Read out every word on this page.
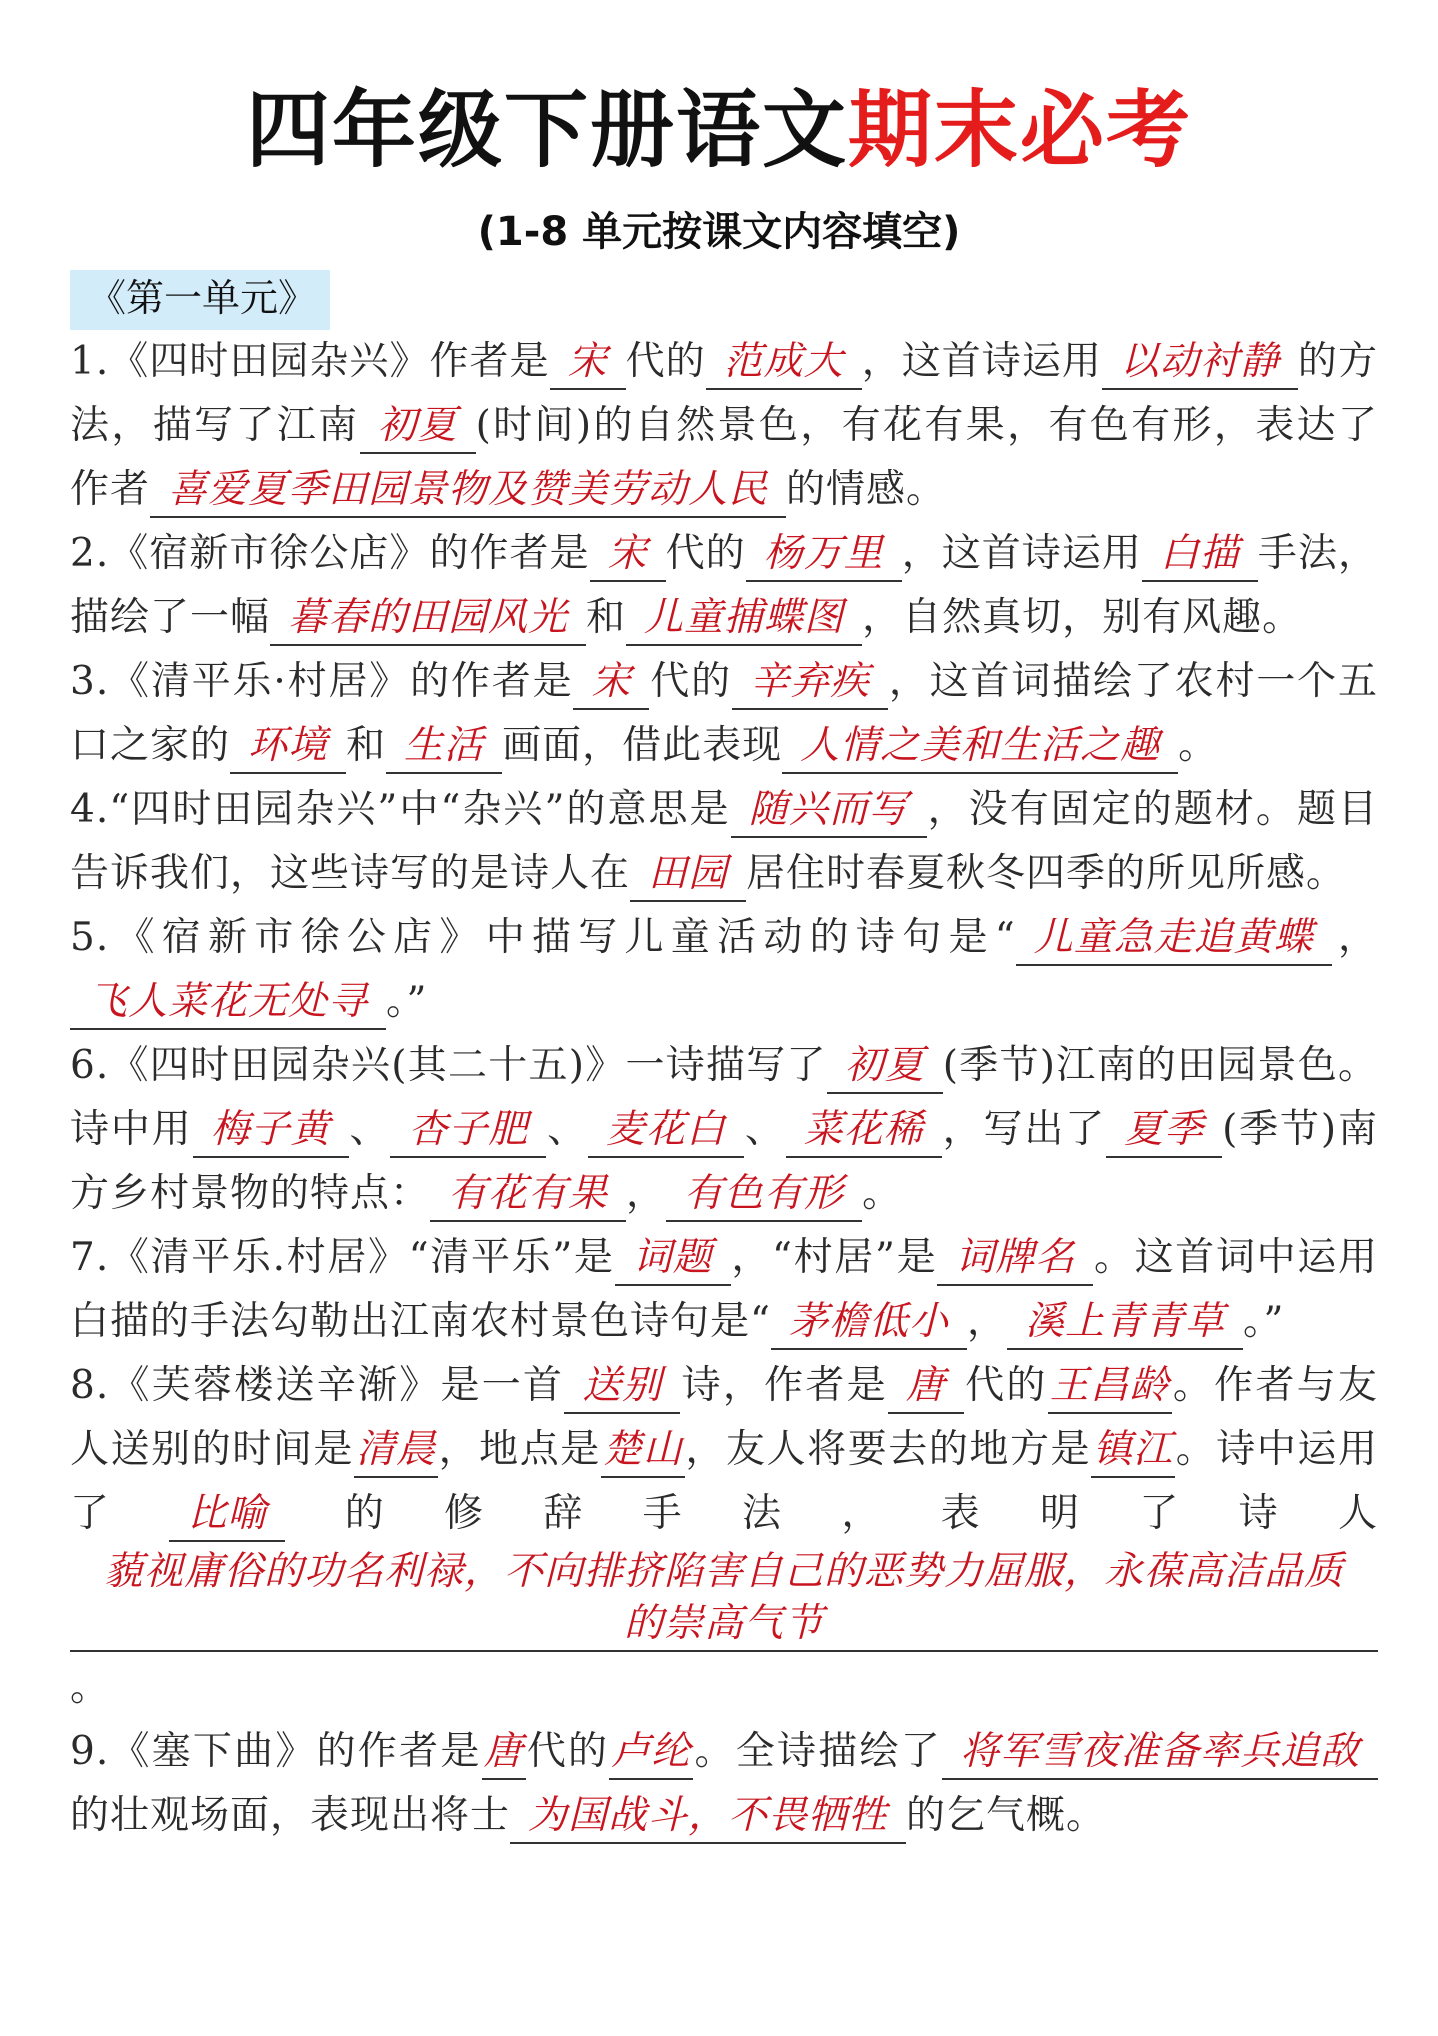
四年级下册语文期末必考
(1-8 单元按课文内容填空)
《第一单元》

1.《四时田园杂兴》作者是 宋 代的 范成大 ，这首诗运用 以动衬静 的方法，描写了江南 初夏 (时间)的自然景色，有花有果，有色有形，表达了作者 喜爱夏季田园景物及赞美劳动人民 的情感。

2.《宿新市徐公店》的作者是 宋 代的 杨万里 ，这首诗运用 白描 手法，描绘了一幅 暮春的田园风光 和 儿童捕蝶图 ，自然真切，别有风趣。

3.《清平乐·村居》的作者是 宋 代的 辛弃疾 ，这首词描绘了农村一个五口之家的 环境 和 生活 画面，借此表现 人情之美和生活之趣 。

4.“四时田园杂兴”中“杂兴”的意思是 随兴而写 ，没有固定的题材。题目告诉我们，这些诗写的是诗人在 田园 居住时春夏秋冬四季的所见所感。

5.《宿新市徐公店》中描写儿童活动的诗句是“ 儿童急走追黄蝶 ，飞人菜花无处寻 。”

6.《四时田园杂兴(其二十五)》一诗描写了 初夏 (季节)江南的田园景色。诗中用 梅子黄 、 杏子肥 、 麦花白 、 菜花稀 ，写出了 夏季 (季节)南方乡村景物的特点： 有花有果 ， 有色有形 。

7.《清平乐.村居》“清平乐”是 词题 ，“村居”是 词牌名 。这首词中运用白描的手法勾勒出江南农村景色诗句是“ 茅檐低小 ， 溪上青青草 。”

8.《芙蓉楼送辛渐》是一首 送别 诗，作者是 唐 代的王昌龄。作者与友人送别的时间是清晨，地点是楚山，友人将要去的地方是镇江。诗中运用了 比喻 的修辞手法，表明了诗人藐视庸俗的功名利禄，不向排挤陷害自己的恶势力屈服，永葆高洁品质的崇高气节。

9.《塞下曲》的作者是唐代的卢纶。全诗描绘了 将军雪夜准备率兵追敌的壮观场面，表现出将士 为国战斗，不畏牺牲 的乞气概。
